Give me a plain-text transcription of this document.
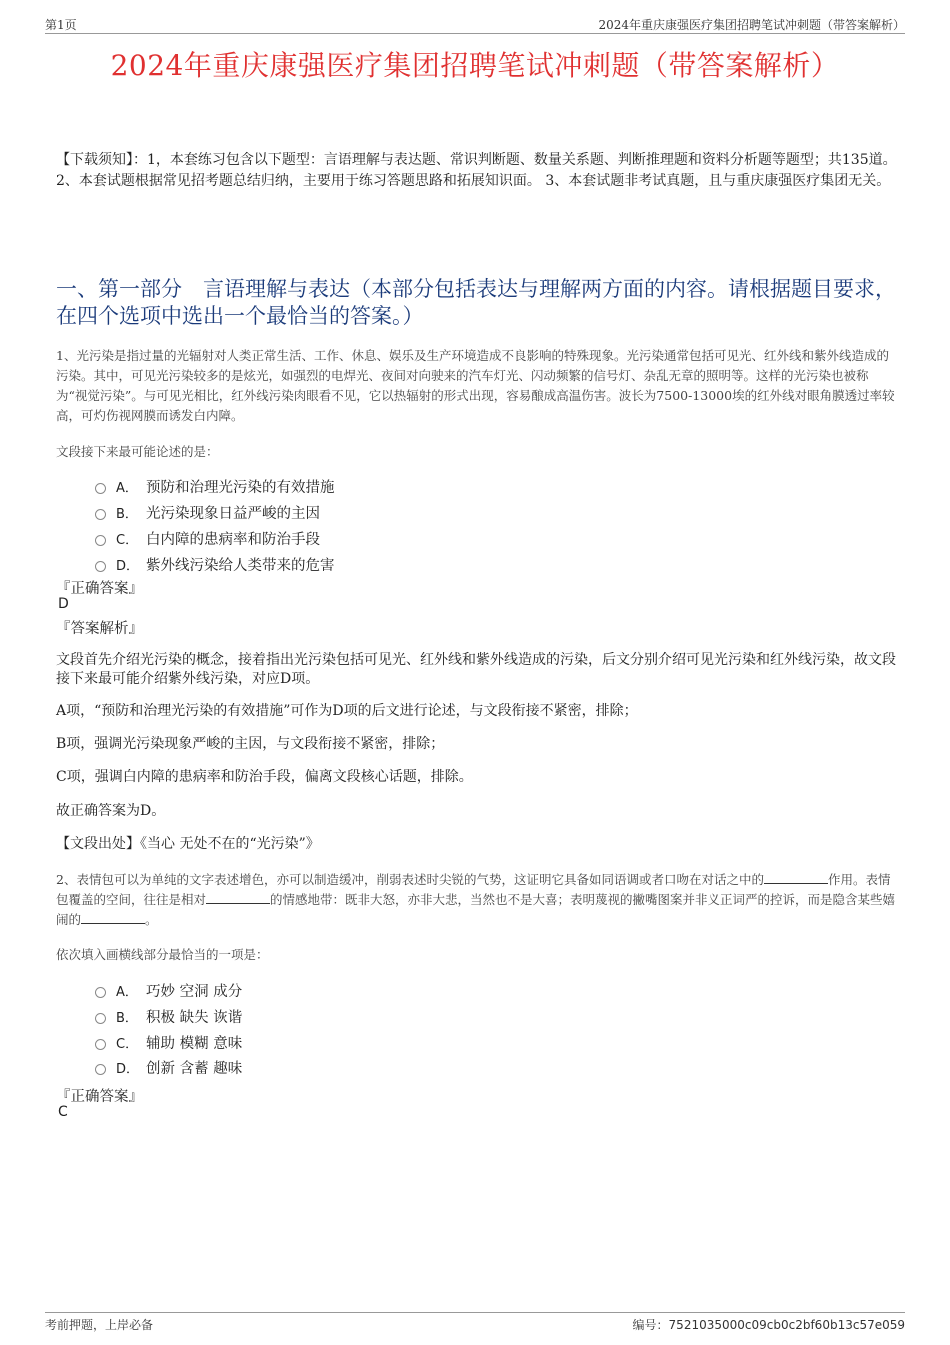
第1页	2024年重庆康强医疗集团招聘笔试冲刺题（带答案解析）
2024年重庆康强医疗集团招聘笔试冲刺题（带答案解析）
【下载须知】：1，本套练习包含以下题型：言语理解与表达题、常识判断题、数量关系题、判断推理题和资料分析题等题型；共135道。 2、本套试题根据常见招考题总结归纳，主要用于练习答题思路和拓展知识面。 3、本套试题非考试真题，且与重庆康强医疗集团无关。
一、第一部分　言语理解与表达（本部分包括表达与理解两方面的内容。请根据题目要求，在四个选项中选出一个最恰当的答案。）
1、光污染是指过量的光辐射对人类正常生活、工作、休息、娱乐及生产环境造成不良影响的特殊现象。光污染通常包括可见光、红外线和紫外线造成的污染。其中，可见光污染较多的是炫光，如强烈的电焊光、夜间对向驶来的汽车灯光、闪动频繁的信号灯、杂乱无章的照明等。这样的光污染也被称为“视觉污染”。与可见光相比，红外线污染肉眼看不见，它以热辐射的形式出现，容易酿成高温伤害。波长为7500-13000埃的红外线对眼角膜透过率较高，可灼伤视网膜而诱发白内障。
文段接下来最可能论述的是：
A． 预防和治理光污染的有效措施
B． 光污染现象日益严峻的主因
C． 白内障的患病率和防治手段
D． 紫外线污染给人类带来的危害
『正确答案』
D
『答案解析』
文段首先介绍光污染的概念，接着指出光污染包括可见光、红外线和紫外线造成的污染，后文分别介绍可见光污染和红外线污染，故文段接下来最可能介绍紫外线污染，对应D项。
A项，“预防和治理光污染的有效措施”可作为D项的后文进行论述，与文段衔接不紧密，排除；
B项，强调光污染现象严峻的主因，与文段衔接不紧密，排除；
C项，强调白内障的患病率和防治手段，偏离文段核心话题，排除。
故正确答案为D。
【文段出处】《当心 无处不在的“光污染”》
2、表情包可以为单纯的文字表述增色，亦可以制造缓冲，削弱表述时尖锐的气势，这证明它具备如同语调或者口吻在对话之中的	作用。表情包覆盖的空间，往往是相对	的情感地带：既非大怒，亦非大悲，当然也不是大喜；表明蔑视的撇嘴图案并非义正词严的控诉，而是隐含某些嬉闹的	。
依次填入画横线部分最恰当的一项是：
A． 巧妙 空洞 成分
B． 积极 缺失 诙谐
C． 辅助 模糊 意味
D． 创新 含蓄 趣味
『正确答案』
C
考前押题，上岸必备	编号：7521035000c09cb0c2bf60b13c57e059
